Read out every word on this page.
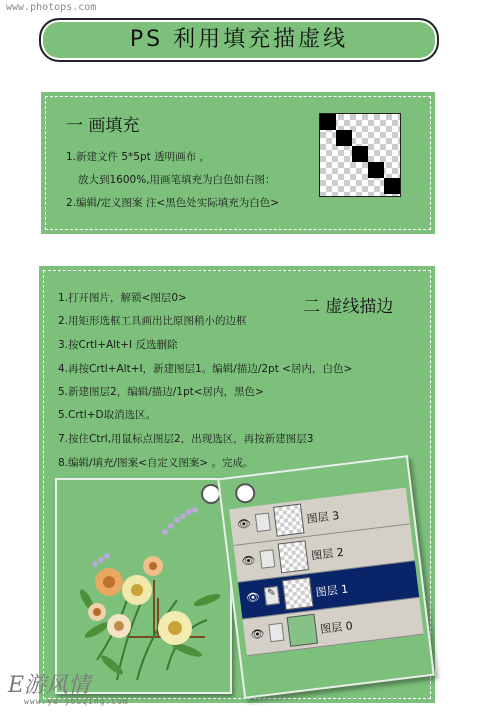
www.photops.com
PS 利用填充描虚线
一 画填充
1.新建文件 5*5pt 透明画布 ，
放大到1600%,用画笔填充为白色如右图：
2.编辑/定义图案 注<黑色处实际填充为白色>
二 虚线描边
1.打开图片，解锁<图层0>
2.用矩形选框工具画出比原图稍小的边框
3.按Crtl+Alt+I 反选删除
4.再按Crtl+Alt+I，新建图层1。编辑/描边/2pt <居内，白色>
5.新建图层2，编辑/描边/1pt<居内，黑色>
5.Crtl+D取消选区。
7.按住Ctrl,用鼠标点图层2，出现选区，再按新建图层3
8.编辑/填充/图案<自定义图案> 。完成。
👁	图层 3
👁	图层 2
👁 ✎	图层 1
👁	图层 0
E游风情
www.ye-youqing.com
